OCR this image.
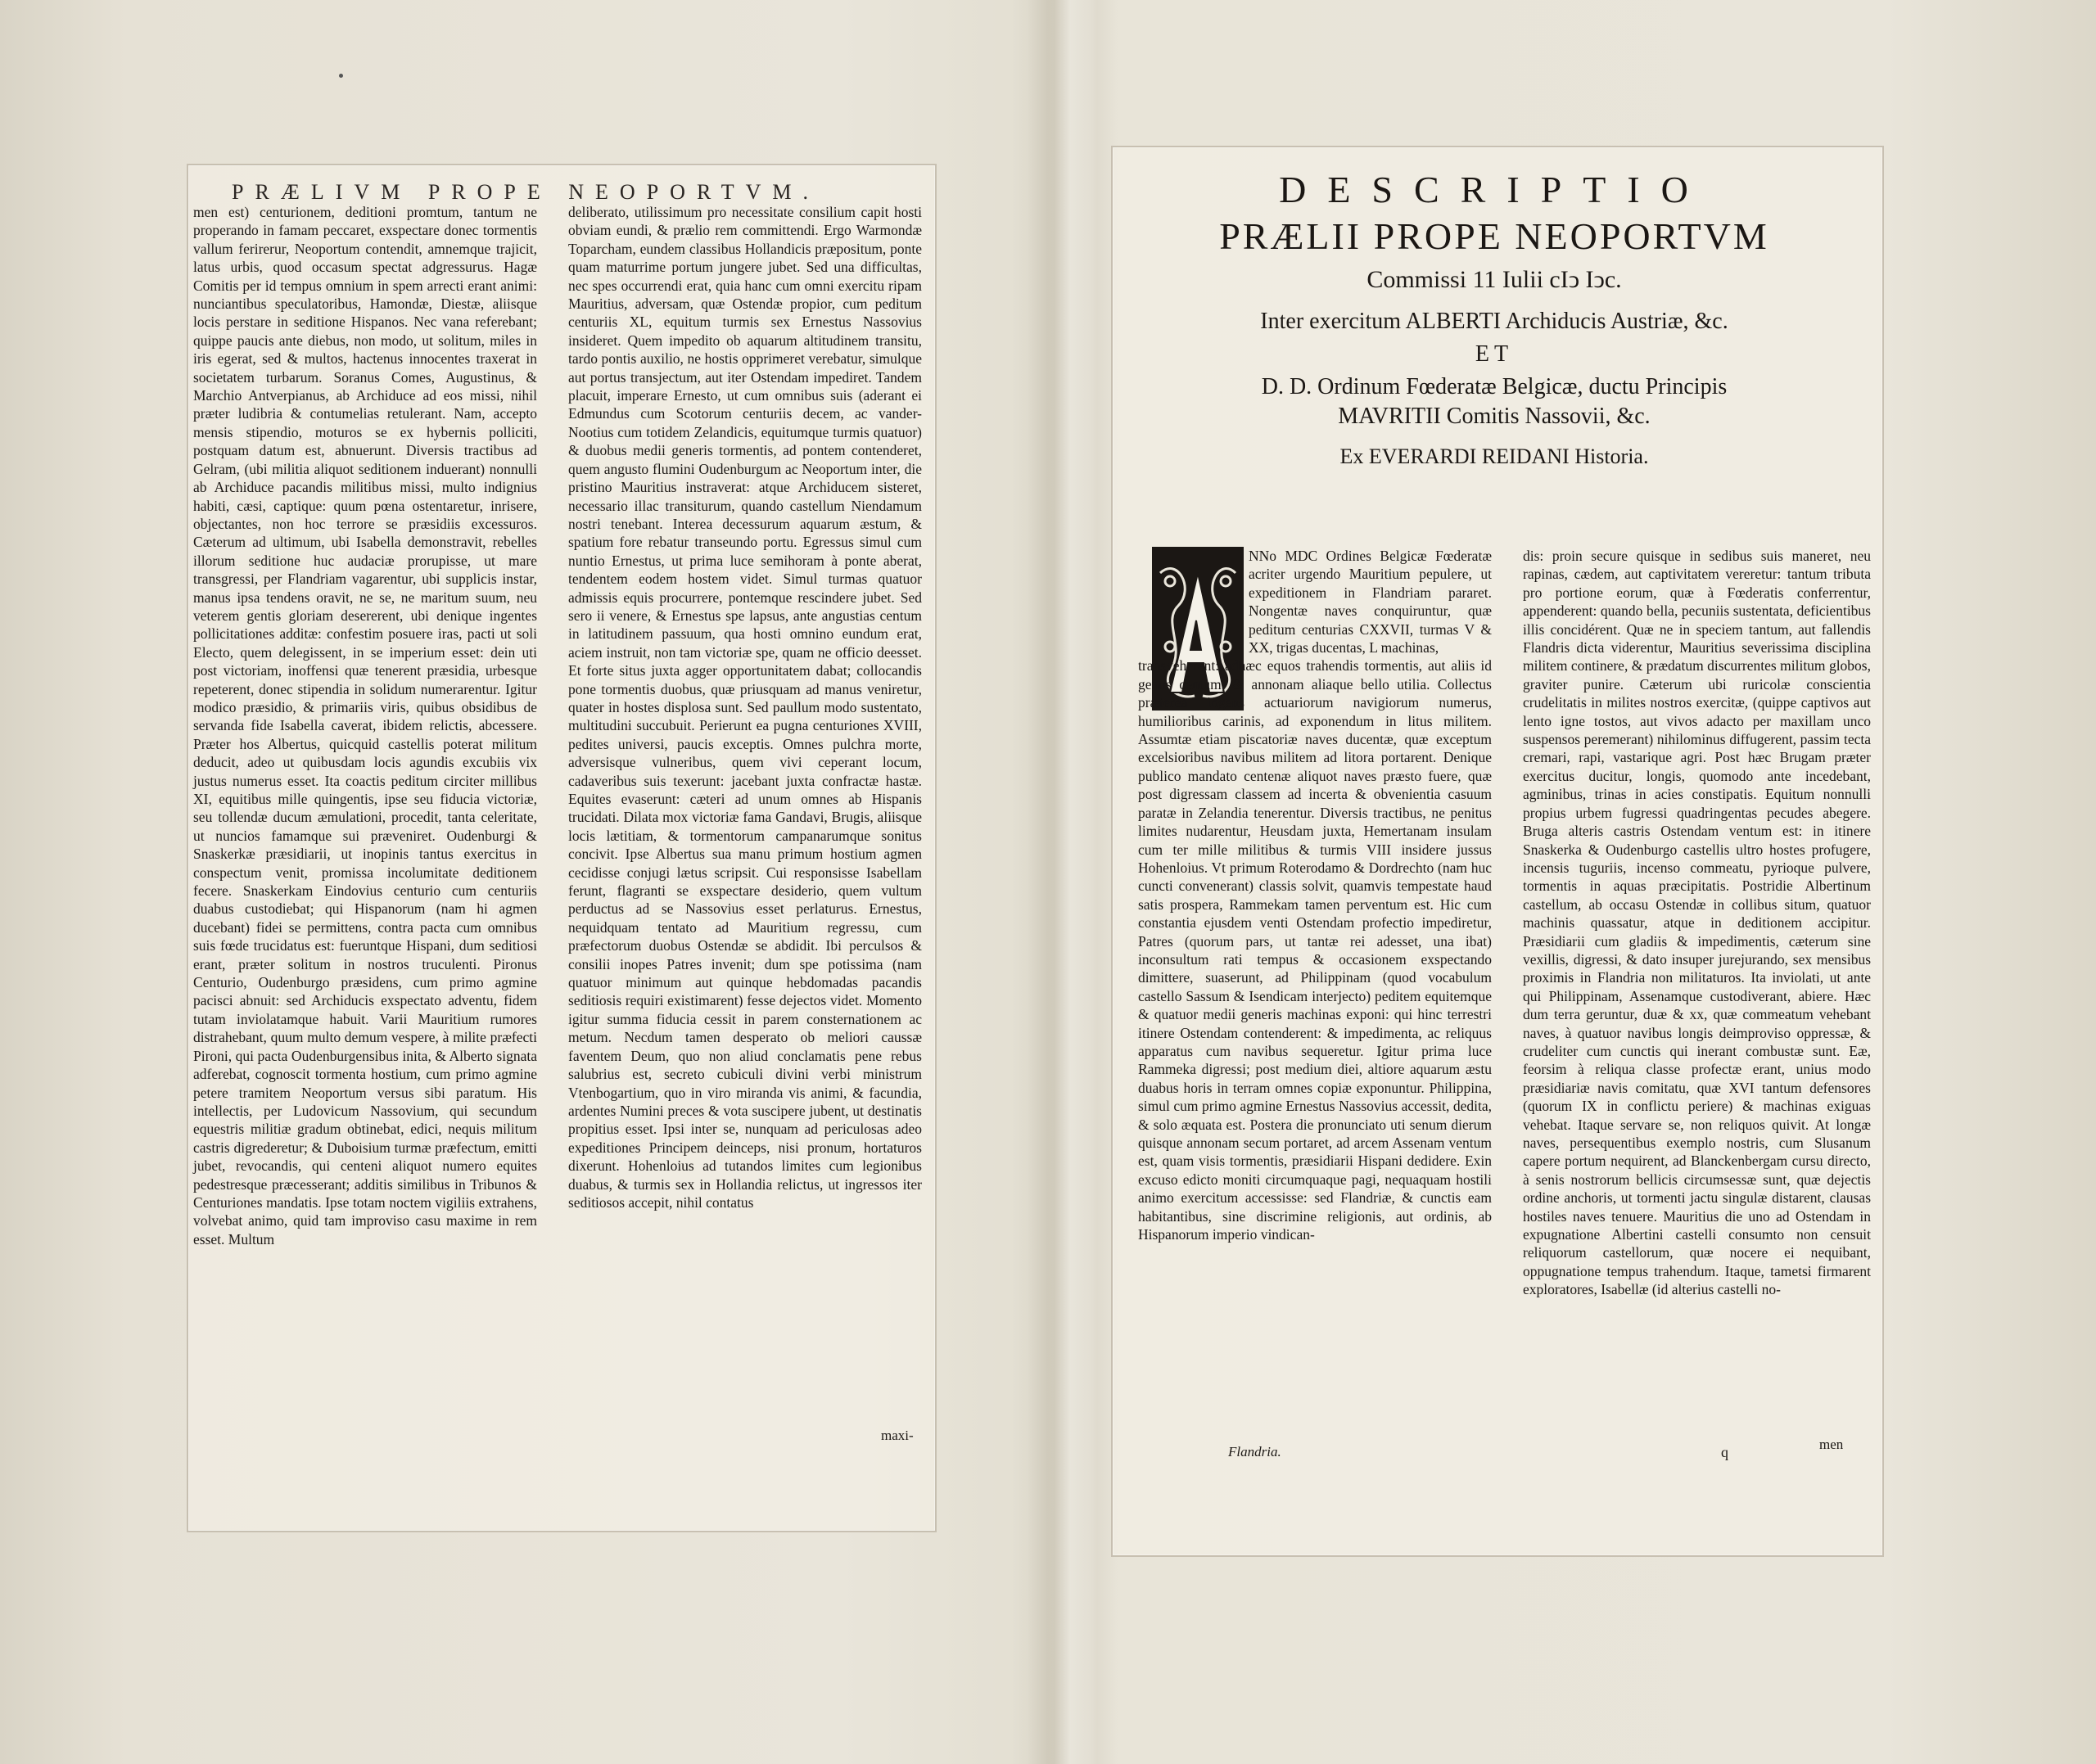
PRÆLIVM PROPE NEOPORTVM.

men est) centurionem, deditioni promtum, tantum ne properando in famam peccaret, exspectare donec tormentis vallum ferirerur, Neoportum contendit, amnemque trajicit, latus urbis, quod occasum spectat adgressurus. Hagæ Comitis per id tempus omnium in spem arrecti erant animi: nunciantibus speculatoribus, Hamondæ, Diestæ, aliisque locis perstare in seditione Hispanos. Nec vana referebant; quippe paucis ante diebus, non modo, ut solitum, miles in iris egerat, sed & multos, hactenus innocentes traxerat in societatem turbarum. Soranus Comes, Augustinus, & Marchio Antverpianus, ab Archiduce ad eos missi, nihil præter ludibria & contumelias retulerant. Nam, accepto mensis stipendio, moturos se ex hybernis polliciti, postquam datum est, abnuerunt. Diversis tractibus ad Gelram, (ubi militia aliquot seditionem induerant) nonnulli ab Archiduce pacandis militibus missi, multo indignius habiti, cæsi, captique: quum pœna ostentaretur, inrisere, objectantes, non hoc terrore se præsidiis excessuros. Cæterum ad ultimum, ubi Isabella demonstravit, rebelles illorum seditione huc audaciæ prorupisse, ut mare transgressi, per Flandriam vagarentur, ubi supplicis instar, manus ipsa tendens oravit, ne se, ne maritum suum, neu veterem gentis gloriam desererent, ubi denique ingentes pollicitationes additæ: confestim posuere iras, pacti ut soli Electo, quem delegissent, in se imperium esset: dein uti post victoriam, inoffensi quæ tenerent præsidia, urbesque repeterent, donec stipendia in solidum numerarentur. Igitur modico præsidio, & primariis viris, quibus obsidibus de servanda fide Isabella caverat, ibidem relictis, abcessere. Præter hos Albertus, quicquid castellis poterat militum deducit, adeo ut quibusdam locis agundis excubiis vix justus numerus esset. Ita coactis peditum circiter millibus XI, equitibus mille quingentis, ipse seu fiducia victoriæ, seu tollendæ ducum æmulationi, procedit, tanta celeritate, ut nuncios famamque sui præveniret. Oudenburgi & Snaskerkæ præsidiarii, ut inopinis tantus exercitus in conspectum venit, promissa incolumitate deditionem fecere. Snaskerkam Eindovius centurio cum centuriis duabus custodiebat; qui Hispanorum (nam hi agmen ducebant) fidei se permittens, contra pacta cum omnibus suis fœde trucidatus est: fueruntque Hispani, dum seditiosi erant, præter solitum in nostros truculenti. Pironus Centurio, Oudenburgo præsidens, cum primo agmine pacisci abnuit: sed Archiducis exspectato adventu, fidem tutam inviolatamque habuit. Varii Mauritium rumores distrahebant, quum multo demum vespere, à milite præfecti Pironi, qui pacta Oudenburgensibus inita, & Alberto signata adferebat, cognoscit tormenta hostium, cum primo agmine petere tramitem Neoportum versus sibi paratum. His intellectis, per Ludovicum Nassovium, qui secundum equestris militiæ gradum obtinebat, edici, nequis militum castris digrederetur; & Duboisium turmæ præfectum, emitti jubet, revocandis, qui centeni aliquot numero equites pedestresque præcesserant; additis similibus in Tribunos & Centuriones mandatis. Ipse totam noctem vigiliis extrahens, volvebat animo, quid tam improviso casu maxime in rem esset. Multum

deliberato, utilissimum pro necessitate consilium capit hosti obviam eundi, & prælio rem committendi. Ergo Warmondæ Toparcham, eundem classibus Hollandicis præpositum, ponte quam maturrime portum jungere jubet. Sed una difficultas, nec spes occurrendi erat, quia hanc cum omni exercitu ripam Mauritius, adversam, quæ Ostendæ propior, cum peditum centuriis XL, equitum turmis sex Ernestus Nassovius insideret. Quem impedito ob aquarum altitudinem transitu, tardo pontis auxilio, ne hostis opprimeret verebatur, simulque aut portus transjectum, aut iter Ostendam impediret. Tandem placuit, imperare Ernesto, ut cum omnibus suis (aderant ei Edmundus cum Scotorum centuriis decem, ac vander-Nootius cum totidem Zelandicis, equitumque turmis quatuor) & duobus medii generis tormentis, ad pontem contenderet, quem angusto flumini Oudenburgum ac Neoportum inter, die pristino Mauritius instraverat: atque Archiducem sisteret, necessario illac transiturum, quando castellum Niendamum nostri tenebant. Interea decessurum aquarum æstum, & spatium fore rebatur transeundo portu. Egressus simul cum nuntio Ernestus, ut prima luce semihoram à ponte aberat, tendentem eodem hostem videt. Simul turmas quatuor admissis equis procurrere, pontemque rescindere jubet. Sed sero ii venere, & Ernestus spe lapsus, ante angustias centum in latitudinem passuum, qua hosti omnino eundum erat, aciem instruit, non tam victoriæ spe, quam ne officio deesset. Et forte situs juxta agger opportunitatem dabat; collocandis pone tormentis duobus, quæ priusquam ad manus veniretur, quater in hostes displosa sunt. Sed paullum modo sustentato, multitudini succubuit. Perierunt ea pugna centuriones XVIII, pedites universi, paucis exceptis. Omnes pulchra morte, adversisque vulneribus, quem vivi ceperant locum, cadaveribus suis texerunt: jacebant juxta confractæ hastæ. Equites evaserunt: cæteri ad unum omnes ab Hispanis trucidati. Dilata mox victoriæ fama Gandavi, Brugis, aliisque locis lætitiam, & tormentorum campanarumque sonitus concivit. Ipse Albertus sua manu primum hostium agmen cecidisse conjugi lætus scripsit. Cui responsisse Isabellam ferunt, flagranti se exspectare desiderio, quem vultum perductus ad se Nassovius esset perlaturus. Ernestus, nequidquam tentato ad Mauritium regressu, cum præfectorum duobus Ostendæ se abdidit. Ibi perculsos & consilii inopes Patres invenit; dum spe potissima (nam quatuor minimum aut quinque hebdomadas pacandis seditiosis requiri existimarent) fesse dejectos videt. Momento igitur summa fiducia cessit in parem consternationem ac metum. Necdum tamen desperato ob meliori caussæ faventem Deum, quo non aliud conclamatis pene rebus salubrius est, secreto cubiculi divini verbi ministrum Vtenbogartium, quo in viro miranda vis animi, & facundia, ardentes Numini preces & vota suscipere jubent, ut destinatis propitius esset. Ipsi inter se, nunquam ad periculosas adeo expeditiones Principem deinceps, nisi pronum, hortaturos dixerunt. Hohenloius ad tutandos limites cum legionibus duabus, & turmis sex in Hollandia relictus, ut ingressos iter seditiosos accepit, nihil contatus

maxi-
DESCRIPTIO
PRÆLII PROPE NEOPORTVM
Commissi 11 Iulii cIↄ Iↄc.
Inter exercitum ALBERTI Archiducis Austriæ, &c.
ET
D. D. Ordinum Fœderatæ Belgicæ, ductu Principis
MAVRITII Comitis Nassovii, &c.
Ex EVERARDI REIDANI Historia.

NNo MDC Ordines Belgicæ Fœderatæ acriter urgendo Mauritium pepulere, ut expeditionem in Flandriam pararet. Nongentæ naves conquiruntur, quæ peditum centurias CXXVII, turmas V & XX, trigas ducentas, L machinas,

transveherent: adhæc equos trahendis tormentis, aut aliis id genus centum, & annonam aliaque bello utilia. Collectus præterea ingens actuariorum navigiorum numerus, humilioribus carinis, ad exponendum in litus militem. Assumtæ etiam piscatoriæ naves ducentæ, quæ exceptum excelsioribus navibus militem ad litora portarent. Denique publico mandato centenæ aliquot naves præsto fuere, quæ post digressam classem ad incerta & obvenientia casuum paratæ in Zelandia tenerentur. Diversis tractibus, ne penitus limites nudarentur, Heusdam juxta, Hemertanam insulam cum ter mille militibus & turmis VIII insidere jussus Hohenloius. Vt primum Roterodamo & Dordrechto (nam huc cuncti convenerant) classis solvit, quamvis tempestate haud satis prospera, Rammekam tamen perventum est. Hic cum constantia ejusdem venti Ostendam profectio impediretur, Patres (quorum pars, ut tantæ rei adesset, una ibat) inconsultum rati tempus & occasionem exspectando dimittere, suaserunt, ad Philippinam (quod vocabulum castello Sassum & Isendicam interjecto) peditem equitemque & quatuor medii generis machinas exponi: qui hinc terrestri itinere Ostendam contenderent: & impedimenta, ac reliquus apparatus cum navibus sequeretur. Igitur prima luce Rammeka digressi; post medium diei, altiore aquarum æstu duabus horis in terram omnes copiæ exponuntur. Philippina, simul cum primo agmine Ernestus Nassovius accessit, dedita, & solo æquata est. Postera die pronunciato uti senum dierum quisque annonam secum portaret, ad arcem Assenam ventum est, quam visis tormentis, præsidiarii Hispani dedidere. Exin excuso edicto moniti circumquaque pagi, nequaquam hostili animo exercitum accessisse: sed Flandriæ, & cunctis eam habitantibus, sine discrimine religionis, aut ordinis, ab Hispanorum imperio vindican-

dis: proin secure quisque in sedibus suis maneret, neu rapinas, cædem, aut captivitatem vereretur: tantum tributa pro portione eorum, quæ à Fœderatis conferrentur, appenderent: quando bella, pecuniis sustentata, deficientibus illis concidérent. Quæ ne in speciem tantum, aut fallendis Flandris dicta viderentur, Mauritius severissima disciplina militem continere, & prædatum discurrentes militum globos, graviter punire. Cæterum ubi ruricolæ conscientia crudelitatis in milites nostros exercitæ, (quippe captivos aut lento igne tostos, aut vivos adacto per maxillam unco suspensos peremerant) nihilominus diffugerent, passim tecta cremari, rapi, vastarique agri. Post hæc Brugam præter exercitus ducitur, longis, quomodo ante incedebant, agminibus, trinas in acies constipatis. Equitum nonnulli propius urbem fugressi quadringentas pecudes abegere. Bruga alteris castris Ostendam ventum est: in itinere Snaskerka & Oudenburgo castellis ultro hostes profugere, incensis tuguriis, incenso commeatu, pyrioque pulvere, tormentis in aquas præcipitatis. Postridie Albertinum castellum, ab occasu Ostendæ in collibus situm, quatuor machinis quassatur, atque in deditionem accipitur. Præsidiarii cum gladiis & impedimentis, cæterum sine vexillis, digressi, & dato insuper jurejurando, sex mensibus proximis in Flandria non militaturos. Ita inviolati, ut ante qui Philippinam, Assenamque custodiverant, abiere. Hæc dum terra geruntur, duæ & xx, quæ commeatum vehebant naves, à quatuor navibus longis deimproviso oppressæ, & crudeliter cum cunctis qui inerant combustæ sunt. Eæ, feorsim à reliqua classe profectæ erant, unius modo præsidiariæ navis comitatu, quæ XVI tantum defensores (quorum IX in conflictu periere) & machinas exiguas vehebat. Itaque servare se, non reliquos quivit. At longæ naves, persequentibus exemplo nostris, cum Slusanum capere portum nequirent, ad Blanckenbergam cursu directo, à senis nostrorum bellicis circumsessæ sunt, quæ dejectis ordine anchoris, ut tormenti jactu singulæ distarent, clausas hostiles naves tenuere. Mauritius die uno ad Ostendam in expugnatione Albertini castelli consumto non censuit reliquorum castellorum, quæ nocere ei nequibant, oppugnatione tempus trahendum. Itaque, tametsi firmarent exploratores, Isabellæ (id alterius castelli no-

Flandria.	q	men
